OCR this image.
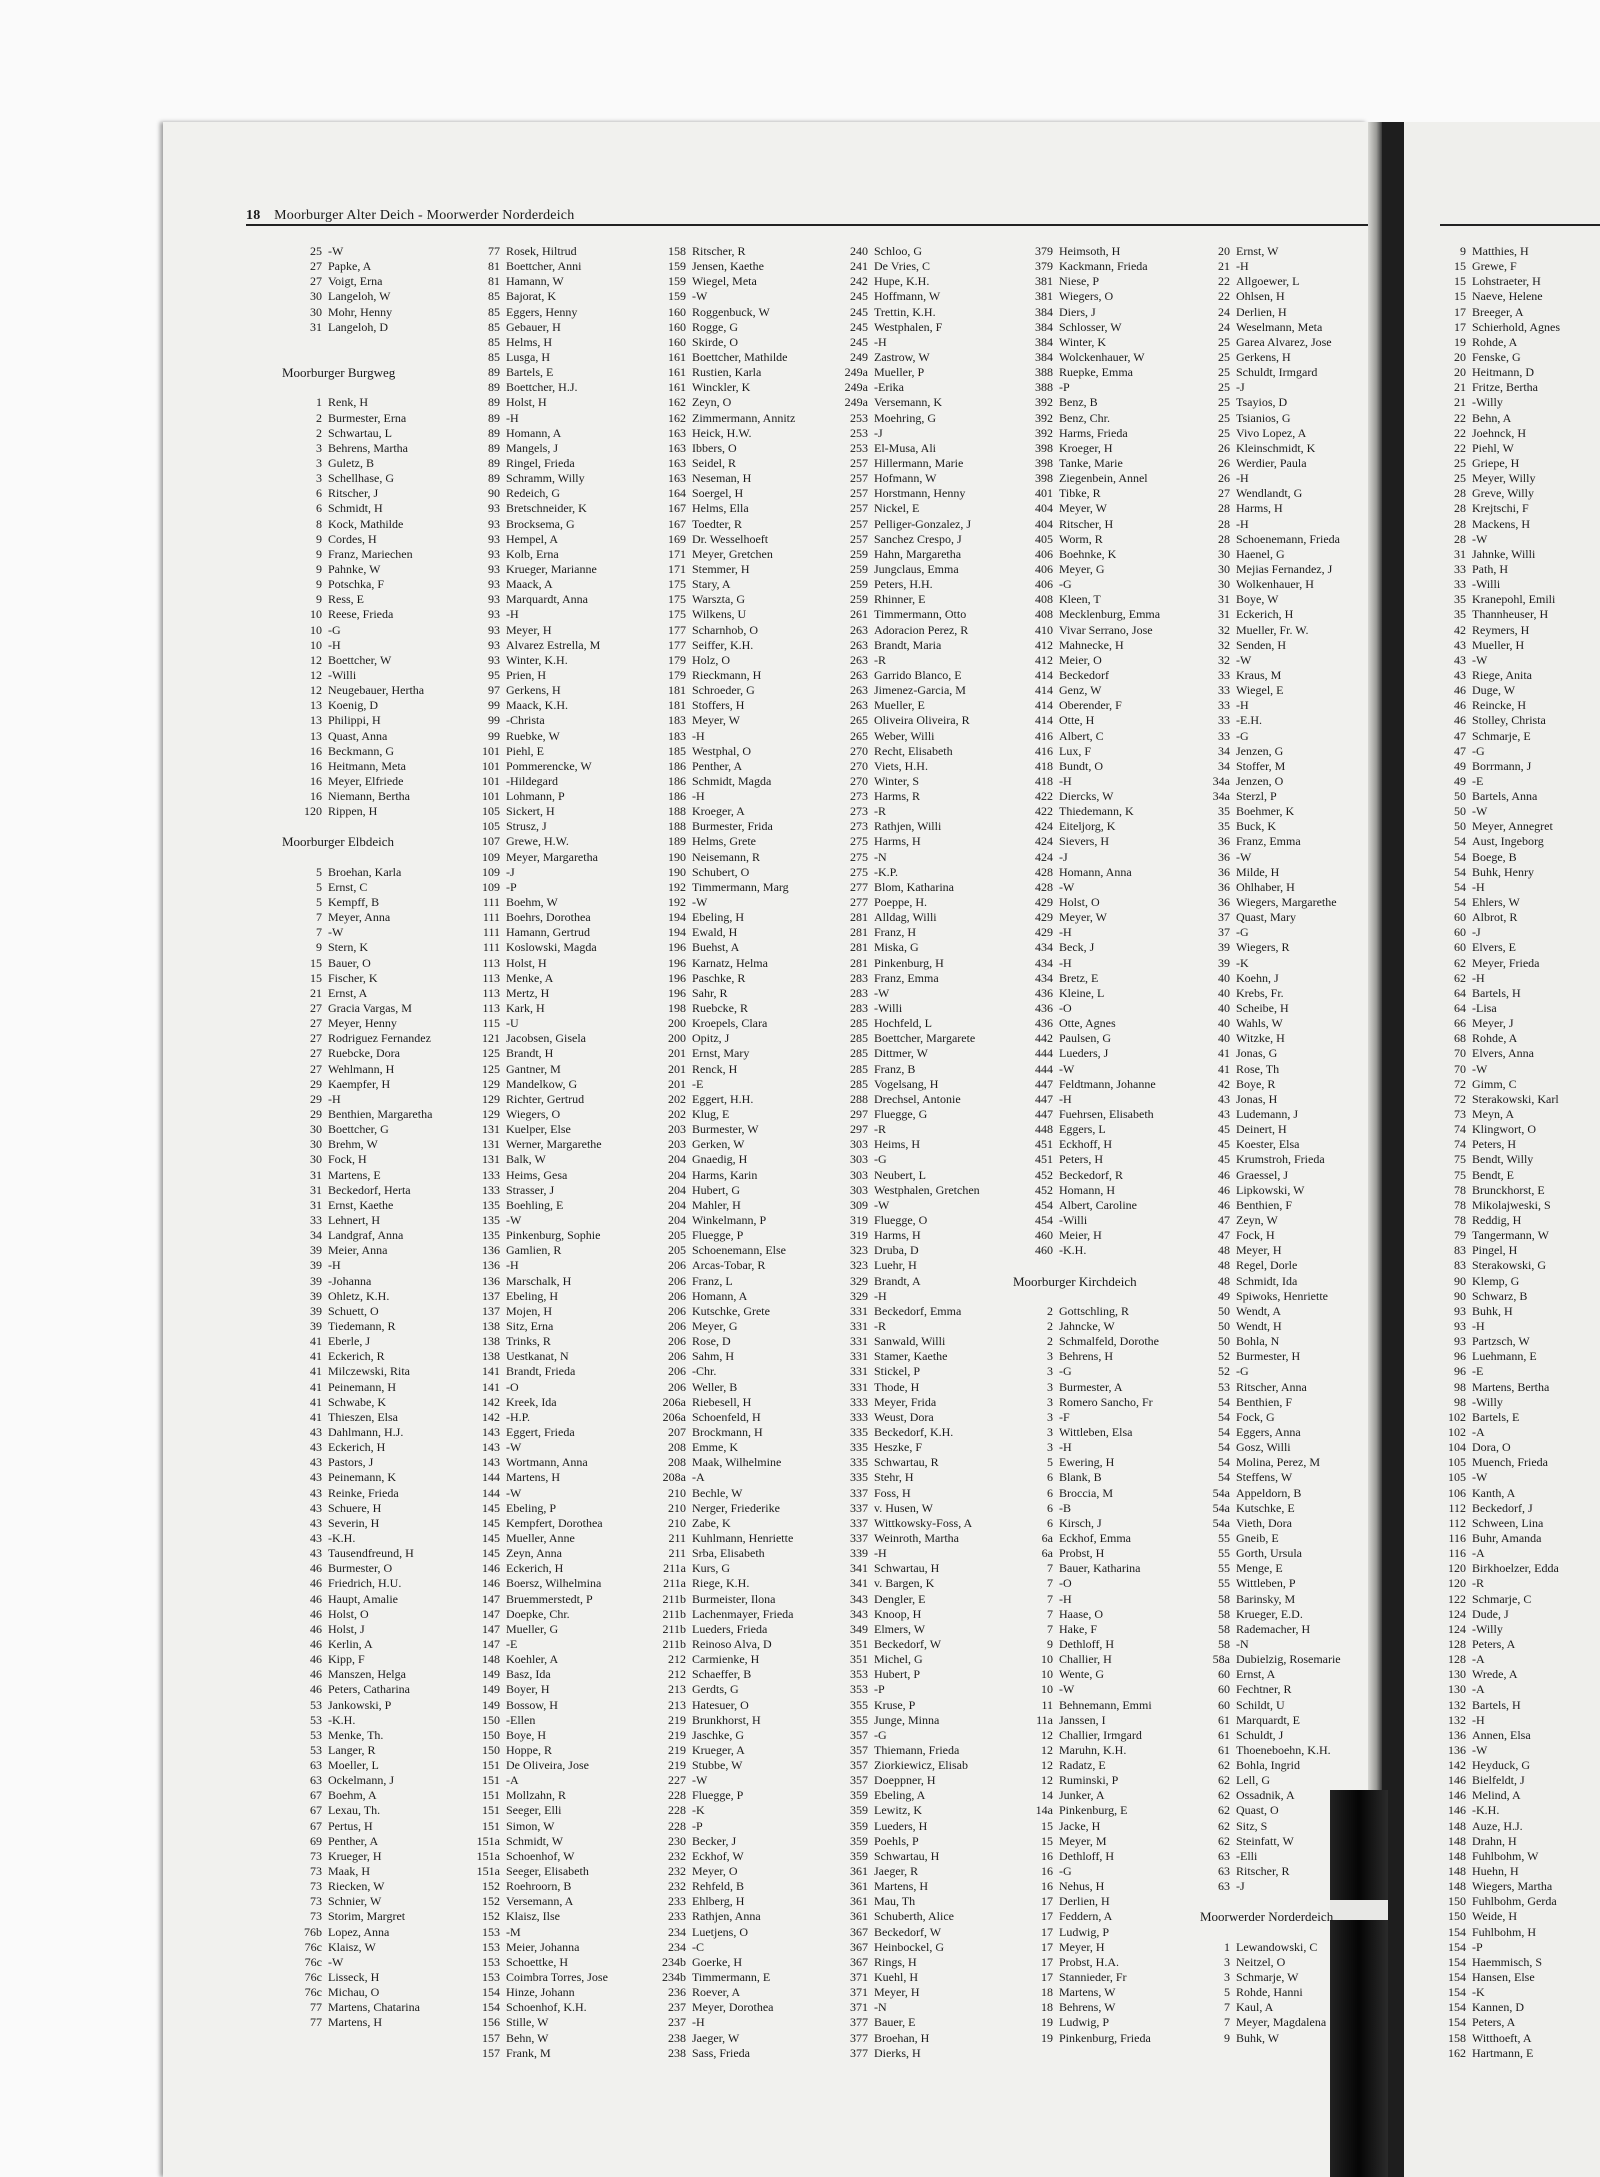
18 Moorburger Alter Deich - Moorwerder Norderdeich
25 -W
27 Papke, A
27 Voigt, Erna
30 Langeloh, W
30 Mohr, Henny
31 Langeloh, D
Moorburger Burgweg
1 Renk, H
2 Burmester, Erna
2 Schwartau, L
3 Behrens, Martha
3 Guletz, B
3 Schellhase, G
6 Ritscher, J
6 Schmidt, H
8 Kock, Mathilde
9 Cordes, H
9 Franz, Mariechen
9 Pahnke, W
9 Potschka, F
9 Ress, E
10 Reese, Frieda
10 -G
10 -H
12 Boettcher, W
12 -Willi
12 Neugebauer, Hertha
13 Koenig, D
13 Philippi, H
13 Quast, Anna
16 Beckmann, G
16 Heitmann, Meta
16 Meyer, Elfriede
16 Niemann, Bertha
120 Rippen, H
Moorburger Elbdeich
5 Broehan, Karla
5 Ernst, C
5 Kempff, B
7 Meyer, Anna
7 -W
9 Stern, K
15 Bauer, O
15 Fischer, K
21 Ernst, A
27 Gracia Vargas, M
27 Meyer, Henny
27 Rodriguez Fernandez
27 Ruebcke, Dora
27 Wehlmann, H
29 Kaempfer, H
29 -H
29 Benthien, Margaretha
30 Boettcher, G
30 Brehm, W
30 Fock, H
31 Martens, E
31 Beckedorf, Herta
31 Ernst, Kaethe
33 Lehnert, H
34 Landgraf, Anna
39 Meier, Anna
39 -H
39 -Johanna
39 Ohletz, K.H.
39 Schuett, O
39 Tiedemann, R
41 Eberle, J
41 Eckerich, R
41 Milczewski, Rita
41 Peinemann, H
41 Schwabe, K
41 Thieszen, Elsa
43 Dahlmann, H.J.
43 Eckerich, H
43 Pastors, J
43 Peinemann, K
43 Reinke, Frieda
43 Schuere, H
43 Severin, H
43 -K.H.
43 Tausendfreund, H
46 Burmester, O
46 Friedrich, H.U.
46 Haupt, Amalie
46 Holst, O
46 Holst, J
46 Kerlin, A
46 Kipp, F
46 Manszen, Helga
46 Peters, Catharina
53 Jankowski, P
53 -K.H.
53 Menke, Th.
53 Langer, R
63 Moeller, L
63 Ockelmann, J
67 Boehm, A
67 Lexau, Th.
67 Pertus, H
69 Penther, A
73 Krueger, H
73 Maak, H
73 Riecken, W
73 Schnier, W
73 Storim, Margret
76b Lopez, Anna
76c Klaisz, W
76c -W
76c Lisseck, H
76c Michau, O
77 Martens, Chatarina
77 Martens, H
77 Rosek, Hiltrud
81 Boettcher, Anni
81 Hamann, W
85 Bajorat, K
85 Eggers, Henny
85 Gebauer, H
85 Helms, H
85 Lusga, H
89 Bartels, E
89 Boettcher, H.J.
89 Holst, H
89 -H
89 Homann, A
89 Mangels, J
89 Ringel, Frieda
89 Schramm, Willy
90 Redeich, G
93 Bretschneider, K
93 Brocksema, G
93 Hempel, A
93 Kolb, Erna
93 Krueger, Marianne
93 Maack, A
93 Marquardt, Anna
93 -H
93 Meyer, H
93 Alvarez Estrella, M
93 Winter, K.H.
95 Prien, H
97 Gerkens, H
99 Maack, K.H.
99 -Christa
99 Ruebke, W
101 Piehl, E
101 Pommerencke, W
101 -Hildegard
101 Lohmann, P
105 Sickert, H
105 Strusz, J
107 Grewe, H.W.
109 Meyer, Margaretha
109 -J
109 -P
111 Boehm, W
111 Boehrs, Dorothea
111 Hamann, Gertrud
111 Koslowski, Magda
113 Holst, H
113 Menke, A
113 Mertz, H
113 Kark, H
115 -U
121 Jacobsen, Gisela
125 Brandt, H
125 Gantner, M
129 Mandelkow, G
129 Richter, Gertrud
129 Wiegers, O
131 Kuelper, Else
131 Werner, Margarethe
131 Balk, W
133 Heims, Gesa
133 Strasser, J
135 Boehling, E
135 -W
135 Pinkenburg, Sophie
136 Gamlien, R
136 -H
136 Marschalk, H
137 Ebeling, H
137 Mojen, H
138 Sitz, Erna
138 Trinks, R
138 Uestkanat, N
141 Brandt, Frieda
141 -O
142 Kreek, Ida
142 -H.P.
143 Eggert, Frieda
143 -W
143 Wortmann, Anna
144 Martens, H
144 -W
145 Ebeling, P
145 Kempfert, Dorothea
145 Mueller, Anne
145 Zeyn, Anna
146 Eckerich, H
146 Boersz, Wilhelmina
147 Bruemmerstedt, P
147 Doepke, Chr.
147 Mueller, G
147 -E
148 Koehler, A
149 Basz, Ida
149 Boyer, H
149 Bossow, H
150 -Ellen
150 Boye, H
150 Hoppe, R
151 De Oliveira, Jose
151 -A
151 Mollzahn, R
151 Seeger, Elli
151 Simon, W
151a Schmidt, W
151a Schoenhof, W
151a Seeger, Elisabeth
152 Roehroorn, B
152 Versemann, A
152 Klaisz, Ilse
153 -M
153 Meier, Johanna
153 Schoettke, H
153 Coimbra Torres, Jose
154 Hinze, Johann
154 Schoenhof, K.H.
156 Stille, W
157 Behn, W
157 Frank, M
158 Ritscher, R
159 Jensen, Kaethe
159 Wiegel, Meta
159 -W
160 Roggenbuck, W
160 Rogge, G
160 Skirde, O
161 Boettcher, Mathilde
161 Rustien, Karla
161 Winckler, K
162 Zeyn, O
162 Zimmermann, Annitz
163 Heick, H.W.
163 Ibbers, O
163 Seidel, R
163 Neseman, H
164 Soergel, H
167 Helms, Ella
167 Toedter, R
169 Dr. Wesselhoeft
171 Meyer, Gretchen
171 Stemmer, H
175 Stary, A
175 Warszta, G
175 Wilkens, U
177 Scharnhob, O
177 Seiffer, K.H.
179 Holz, O
179 Rieckmann, H
181 Schroeder, G
181 Stoffers, H
183 Meyer, W
183 -H
185 Westphal, O
186 Penther, A
186 Schmidt, Magda
186 -H
188 Kroeger, A
188 Burmester, Frida
189 Helms, Grete
190 Neisemann, R
190 Schubert, O
192 Timmermann, Marg
192 -W
194 Ebeling, H
194 Ewald, H
196 Buehst, A
196 Karnatz, Helma
196 Paschke, R
196 Sahr, R
198 Ruebcke, R
200 Kroepels, Clara
200 Opitz, J
201 Ernst, Mary
201 Renck, H
201 -E
202 Eggert, H.H.
202 Klug, E
203 Burmester, W
203 Gerken, W
204 Gnaedig, H
204 Harms, Karin
204 Hubert, G
204 Mahler, H
204 Winkelmann, P
205 Fluegge, P
205 Schoenemann, Else
206 Arcas-Tobar, R
206 Franz, L
206 Homann, A
206 Kutschke, Grete
206 Meyer, G
206 Rose, D
206 Sahm, H
206 -Chr.
206 Weller, B
206a Riebesell, H
206a Schoenfeld, H
207 Brockmann, H
208 Emme, K
208 Maak, Wilhelmine
208a -A
210 Bechle, W
210 Nerger, Friederike
210 Zabe, K
211 Kuhlmann, Henriette
211 Srba, Elisabeth
211a Kurs, G
211a Riege, K.H.
211b Burmeister, Ilona
211b Lachenmayer, Frieda
211b Lueders, Frieda
211b Reinoso Alva, D
212 Carmienke, H
212 Schaeffer, B
213 Gerdts, G
213 Hatesuer, O
219 Brunkhorst, H
219 Jaschke, G
219 Krueger, A
219 Stubbe, W
227 -W
228 Fluegge, P
228 -K
228 -P
230 Becker, J
232 Eckhof, W
232 Meyer, O
232 Rehfeld, B
233 Ehlberg, H
233 Rathjen, Anna
234 Luetjens, O
234 -C
234b Goerke, H
234b Timmermann, E
236 Roever, A
237 Meyer, Dorothea
237 -H
238 Jaeger, W
238 Sass, Frieda
240 Schloo, G
241 De Vries, C
242 Hupe, K.H.
245 Hoffmann, W
245 Trettin, K.H.
245 Westphalen, F
245 -H
249 Zastrow, W
249a Mueller, P
249a -Erika
249a Versemann, K
253 Moehring, G
253 -J
253 El-Musa, Ali
257 Hillermann, Marie
257 Hofmann, W
257 Horstmann, Henny
257 Nickel, E
257 Pelliger-Gonzalez, J
257 Sanchez Crespo, J
259 Hahn, Margaretha
259 Jungclaus, Emma
259 Peters, H.H.
259 Rhinner, E
261 Timmermann, Otto
263 Adoracion Perez, R
263 Brandt, Maria
263 -R
263 Garrido Blanco, E
263 Jimenez-Garcia, M
263 Mueller, E
265 Oliveira Oliveira, R
265 Weber, Willi
270 Recht, Elisabeth
270 Viets, H.H.
270 Winter, S
273 Harms, R
273 -R
273 Rathjen, Willi
275 Harms, H
275 -N
275 -K.P.
277 Blom, Katharina
277 Poeppe, H.
281 Alldag, Willi
281 Franz, H
281 Miska, G
281 Pinkenburg, H
283 Franz, Emma
283 -W
283 -Willi
285 Hochfeld, L
285 Boettcher, Margarete
285 Dittmer, W
285 Franz, B
285 Vogelsang, H
288 Drechsel, Antonie
297 Fluegge, G
297 -R
303 Heims, H
303 -G
303 Neubert, L
303 Westphalen, Gretchen
309 -W
319 Fluegge, O
319 Harms, H
323 Druba, D
323 Luehr, H
329 Brandt, A
329 -H
331 Beckedorf, Emma
331 -R
331 Sanwald, Willi
331 Stamer, Kaethe
331 Stickel, P
331 Thode, H
333 Meyer, Frida
333 Weust, Dora
335 Beckedorf, K.H.
335 Heszke, F
335 Schwartau, R
335 Stehr, H
337 Foss, H
337 v. Husen, W
337 Wittkowsky-Foss, A
337 Weinroth, Martha
339 -H
341 Schwartau, H
341 v. Bargen, K
343 Dengler, E
343 Knoop, H
349 Elmers, W
351 Beckedorf, W
351 Michel, G
353 Hubert, P
353 -P
355 Kruse, P
355 Junge, Minna
357 -G
357 Thiemann, Frieda
357 Ziorkiewicz, Elisab
357 Doeppner, H
359 Ebeling, A
359 Lewitz, K
359 Lueders, H
359 Poehls, P
359 Schwartau, H
361 Jaeger, R
361 Martens, H
361 Mau, Th
361 Schuberth, Alice
367 Beckedorf, W
367 Heinbockel, G
367 Rings, H
371 Kuehl, H
371 Meyer, H
371 -N
377 Bauer, E
377 Broehan, H
377 Dierks, H
379 Heimsoth, H
379 Kackmann, Frieda
381 Niese, P
381 Wiegers, O
384 Diers, J
384 Schlosser, W
384 Winter, K
384 Wolckenhauer, W
388 Ruepke, Emma
388 -P
392 Benz, B
392 Benz, Chr.
392 Harms, Frieda
398 Kroeger, H
398 Tanke, Marie
398 Ziegenbein, Annel
401 Tibke, R
404 Meyer, W
404 Ritscher, H
405 Worm, R
406 Boehnke, K
406 Meyer, G
406 -G
408 Kleen, T
408 Mecklenburg, Emma
410 Vivar Serrano, Jose
412 Mahnecke, H
412 Meier, O
414 Beckedorf
414 Genz, W
414 Oberender, F
414 Otte, H
416 Albert, C
416 Lux, F
418 Bundt, O
418 -H
422 Diercks, W
422 Thiedemann, K
424 Eiteljorg, K
424 Sievers, H
424 -J
428 Homann, Anna
428 -W
429 Holst, O
429 Meyer, W
429 -H
434 Beck, J
434 -H
434 Bretz, E
436 Kleine, L
436 -O
436 Otte, Agnes
442 Paulsen, G
444 Lueders, J
444 -W
447 Feldtmann, Johanne
447 -H
447 Fuehrsen, Elisabeth
448 Eggers, L
451 Eckhoff, H
451 Peters, H
452 Beckedorf, R
452 Homann, H
454 Albert, Caroline
454 -Willi
460 Meier, H
460 -K.H.
Moorburger Kirchdeich
2 Gottschling, R
2 Jahncke, W
2 Schmalfeld, Dorothe
3 Behrens, H
3 -G
3 Burmester, A
3 Romero Sancho, Fr
3 -F
3 Wittleben, Elsa
3 -H
5 Ewering, H
6 Blank, B
6 Broccia, M
6 -B
6 Kirsch, J
6a Eckhof, Emma
6a Probst, H
7 Bauer, Katharina
7 -O
7 -H
7 Haase, O
7 Hake, F
9 Dethloff, H
10 Challier, H
10 Wente, G
10 -W
11 Behnemann, Emmi
11a Janssen, I
12 Challier, Irmgard
12 Maruhn, K.H.
12 Radatz, E
12 Ruminski, P
14 Junker, A
14a Pinkenburg, E
15 Jacke, H
15 Meyer, M
16 Dethloff, H
16 -G
16 Nehus, H
17 Derlien, H
17 Feddern, A
17 Ludwig, P
17 Meyer, H
17 Probst, H.A.
17 Stannieder, Fr
18 Martens, W
18 Behrens, W
19 Ludwig, P
19 Pinkenburg, Frieda
20 Ernst, W
21 -H
22 Allgoewer, L
22 Ohlsen, H
24 Derlien, H
24 Weselmann, Meta
25 Garea Alvarez, Jose
25 Gerkens, H
25 Schuldt, Irmgard
25 -J
25 Tsayios, D
25 Tsianios, G
25 Vivo Lopez, A
26 Kleinschmidt, K
26 Werdier, Paula
26 -H
27 Wendlandt, G
28 Harms, H
28 -H
28 Schoenemann, Frieda
30 Haenel, G
30 Mejias Fernandez, J
30 Wolkenhauer, H
31 Boye, W
31 Eckerich, H
32 Mueller, Fr. W.
32 Senden, H
32 -W
33 Kraus, M
33 Wiegel, E
33 -H
33 -E.H.
33 -G
34 Jenzen, G
34 Stoffer, M
34a Jenzen, O
34a Sterzl, P
35 Boehmer, K
35 Buck, K
36 Franz, Emma
36 -W
36 Milde, H
36 Ohlhaber, H
36 Wiegers, Margarethe
37 Quast, Mary
37 -G
39 Wiegers, R
39 -K
40 Koehn, J
40 Krebs, Fr.
40 Scheibe, H
40 Wahls, W
40 Witzke, H
41 Jonas, G
41 Rose, Th
42 Boye, R
43 Jonas, H
43 Ludemann, J
45 Deinert, H
45 Koester, Elsa
45 Krumstroh, Frieda
46 Graessel, J
46 Lipkowski, W
46 Benthien, F
47 Zeyn, W
47 Fock, H
48 Meyer, H
48 Regel, Dorle
48 Schmidt, Ida
49 Spiwoks, Henriette
50 Wendt, A
50 Wendt, H
50 Bohla, N
52 Burmester, H
52 -G
53 Ritscher, Anna
54 Benthien, F
54 Fock, G
54 Eggers, Anna
54 Gosz, Willi
54 Molina, Perez, M
54 Steffens, W
54a Appeldorn, B
54a Kutschke, E
54a Vieth, Dora
55 Gneib, E
55 Gorth, Ursula
55 Menge, E
55 Wittleben, P
58 Barinsky, M
58 Krueger, E.D.
58 Rademacher, H
58 -N
58a Dubielzig, Rosemarie
60 Ernst, A
60 Fechtner, R
60 Schildt, U
61 Marquardt, E
61 Schuldt, J
61 Thoeneboehn, K.H.
62 Bohla, Ingrid
62 Lell, G
62 Ossadnik, A
62 Quast, O
62 Sitz, S
62 Steinfatt, W
63 -Elli
63 Ritscher, R
63 -J
Moorwerder Norderdeich
1 Lewandowski, C
3 Neitzel, O
3 Schmarje, W
5 Rohde, Hanni
7 Kaul, A
7 Meyer, Magdalena
9 Buhk, W
9 Matthies, H
15 Grewe, F
15 Lohstraeter, H
15 Naeve, Helene
17 Breeger, A
17 Schierhold, Agnes
19 Rohde, A
20 Fenske, G
20 Heitmann, D
21 Fritze, Bertha
21 -Willy
22 Behn, A
22 Joehnck, H
22 Piehl, W
25 Griepe, H
25 Meyer, Willy
28 Greve, Willy
28 Krejtschi, F
28 Mackens, H
28 -W
31 Jahnke, Willi
33 Path, H
33 -Willi
35 Kranepohl, Emili
35 Thannheuser, H
42 Reymers, H
43 Mueller, H
43 -W
43 Riege, Anita
46 Duge, W
46 Reincke, H
46 Stolley, Christa
47 Schmarje, E
47 -G
49 Borrmann, J
49 -E
50 Bartels, Anna
50 -W
50 Meyer, Annegret
54 Aust, Ingeborg
54 Boege, B
54 Buhk, Henry
54 -H
54 Ehlers, W
60 Albrot, R
60 -J
60 Elvers, E
62 Meyer, Frieda
62 -H
64 Bartels, H
64 -Lisa
66 Meyer, J
68 Rohde, A
70 Elvers, Anna
70 -W
72 Gimm, C
72 Sterakowski, Karl
73 Meyn, A
74 Klingwort, O
74 Peters, H
75 Bendt, Willy
75 Bendt, E
78 Brunckhorst, E
78 Mikolajweski, S
78 Reddig, H
79 Tangermann, W
83 Pingel, H
83 Sterakowski, G
90 Klemp, G
90 Schwarz, B
93 Buhk, H
93 -H
93 Partzsch, W
96 Luehmann, E
96 -E
98 Martens, Bertha
98 -Willy
102 Bartels, E
102 -A
104 Dora, O
105 Muench, Frieda
105 -W
106 Kanth, A
112 Beckedorf, J
112 Schween, Lina
116 Buhr, Amanda
116 -A
120 Birkhoelzer, Edda
120 -R
122 Schmarje, C
124 Dude, J
124 -Willy
128 Peters, A
128 -A
130 Wrede, A
130 -A
132 Bartels, H
132 -H
136 Annen, Elsa
136 -W
142 Heyduck, G
146 Bielfeldt, J
146 Melind, A
146 -K.H.
148 Auze, H.J.
148 Drahn, H
148 Fuhlbohm, W
148 Huehn, H
148 Wiegers, Martha
150 Fuhlbohm, Gerda
150 Weide, H
154 Fuhlbohm, H
154 -P
154 Haemmisch, S
154 Hansen, Else
154 -K
154 Kannen, D
154 Peters, A
158 Witthoeft, A
162 Hartmann, E
